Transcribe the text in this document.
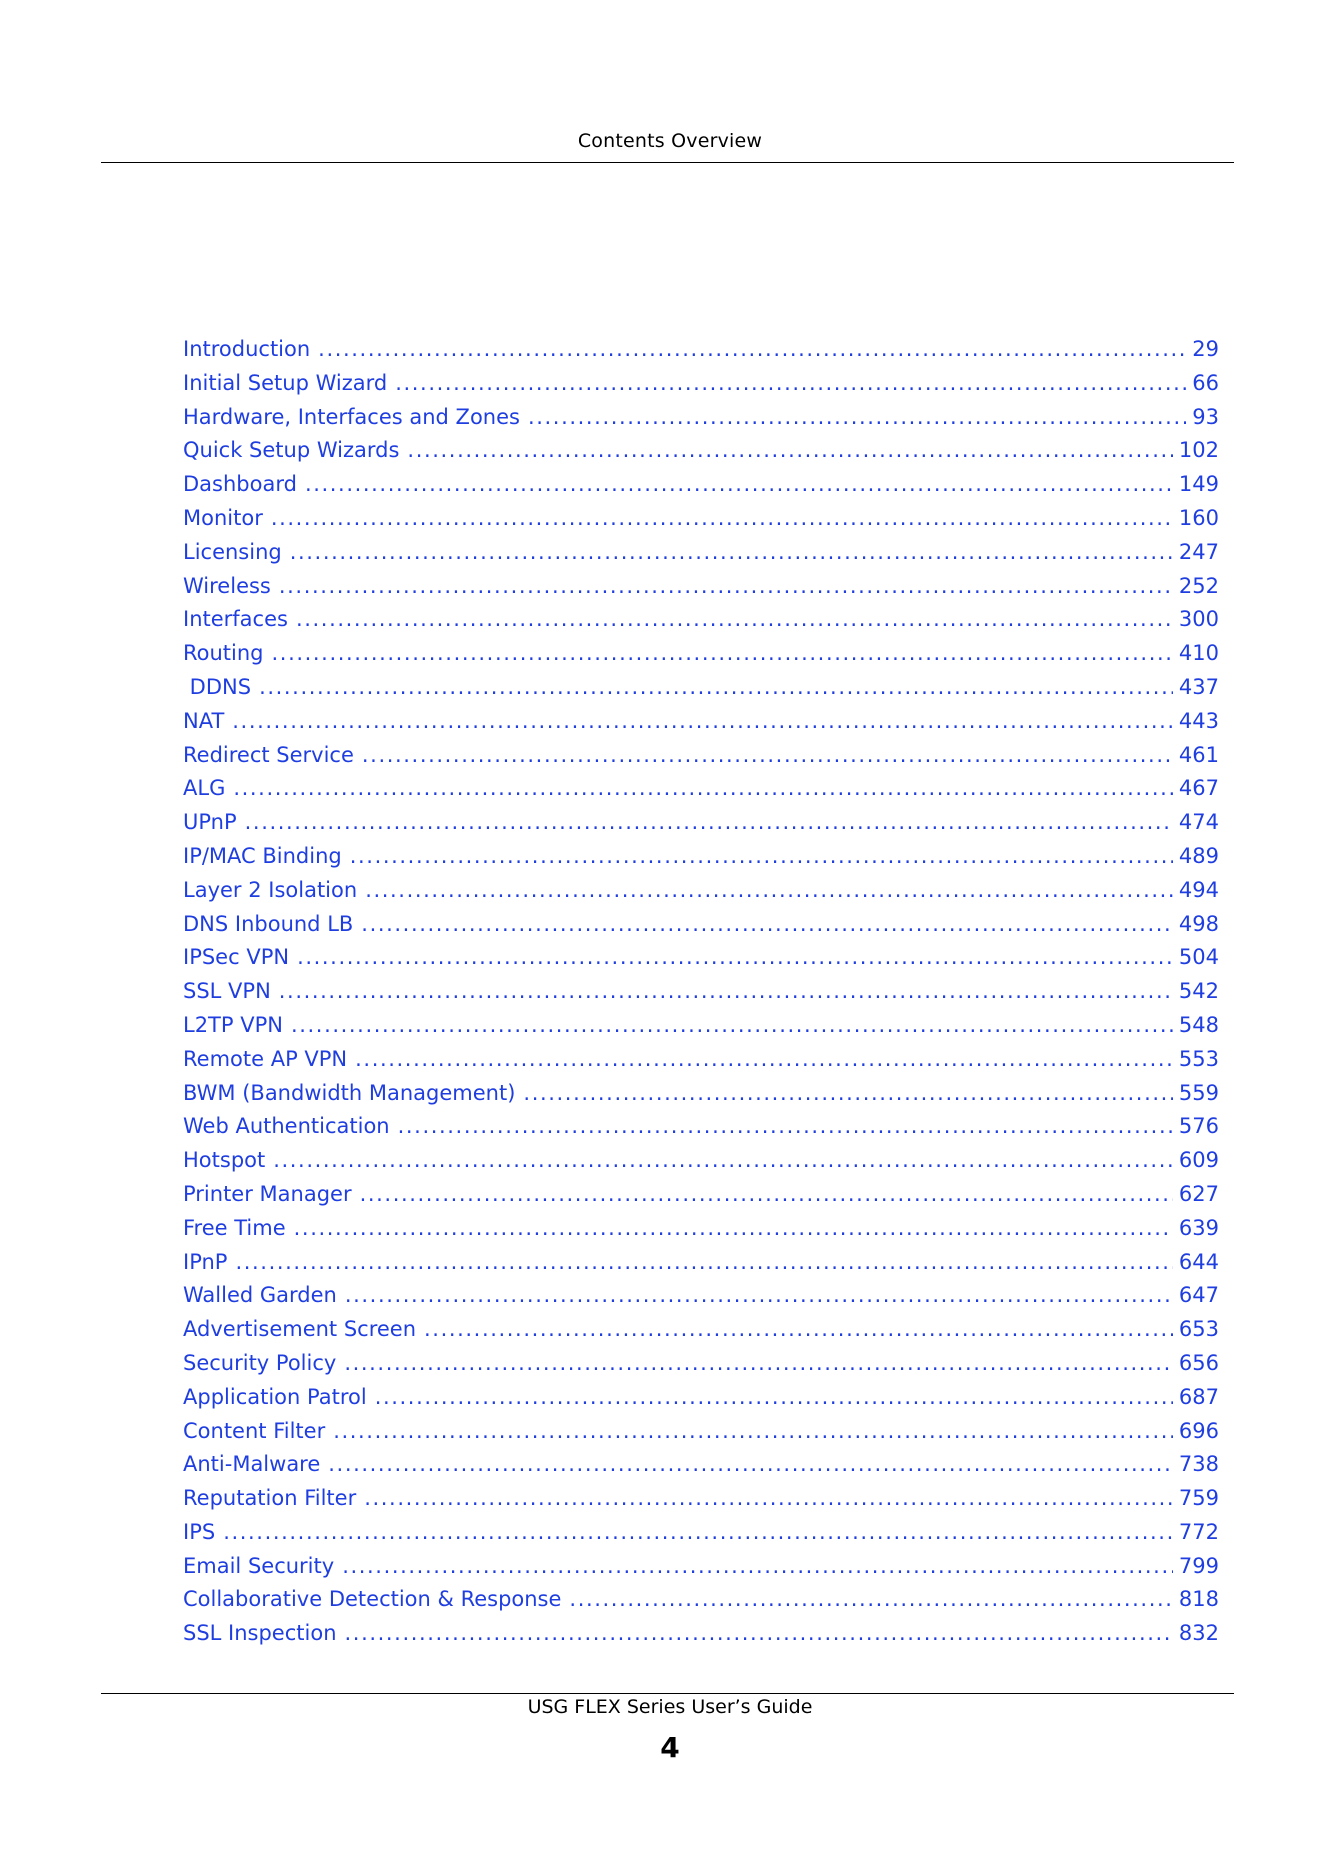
Contents Overview
Introduction .....	29
Initial Setup Wizard .....	66
Hardware, Interfaces and Zones .....	93
Quick Setup Wizards .....	102
Dashboard .....	149
Monitor .....	160
Licensing .....	247
Wireless .....	252
Interfaces .....	300
Routing .....	410
DDNS .....	437
NAT .....	443
Redirect Service .....	461
ALG .....	467
UPnP .....	474
IP/MAC Binding .....	489
Layer 2 Isolation .....	494
DNS Inbound LB .....	498
IPSec VPN .....	504
SSL VPN .....	542
L2TP VPN .....	548
Remote AP VPN .....	553
BWM (Bandwidth Management) .....	559
Web Authentication .....	576
Hotspot .....	609
Printer Manager .....	627
Free Time .....	639
IPnP .....	644
Walled Garden .....	647
Advertisement Screen .....	653
Security Policy .....	656
Application Patrol .....	687
Content Filter .....	696
Anti-Malware .....	738
Reputation Filter .....	759
IPS .....	772
Email Security .....	799
Collaborative Detection & Response .....	818
SSL Inspection .....	832
USG FLEX Series User’s Guide
4
